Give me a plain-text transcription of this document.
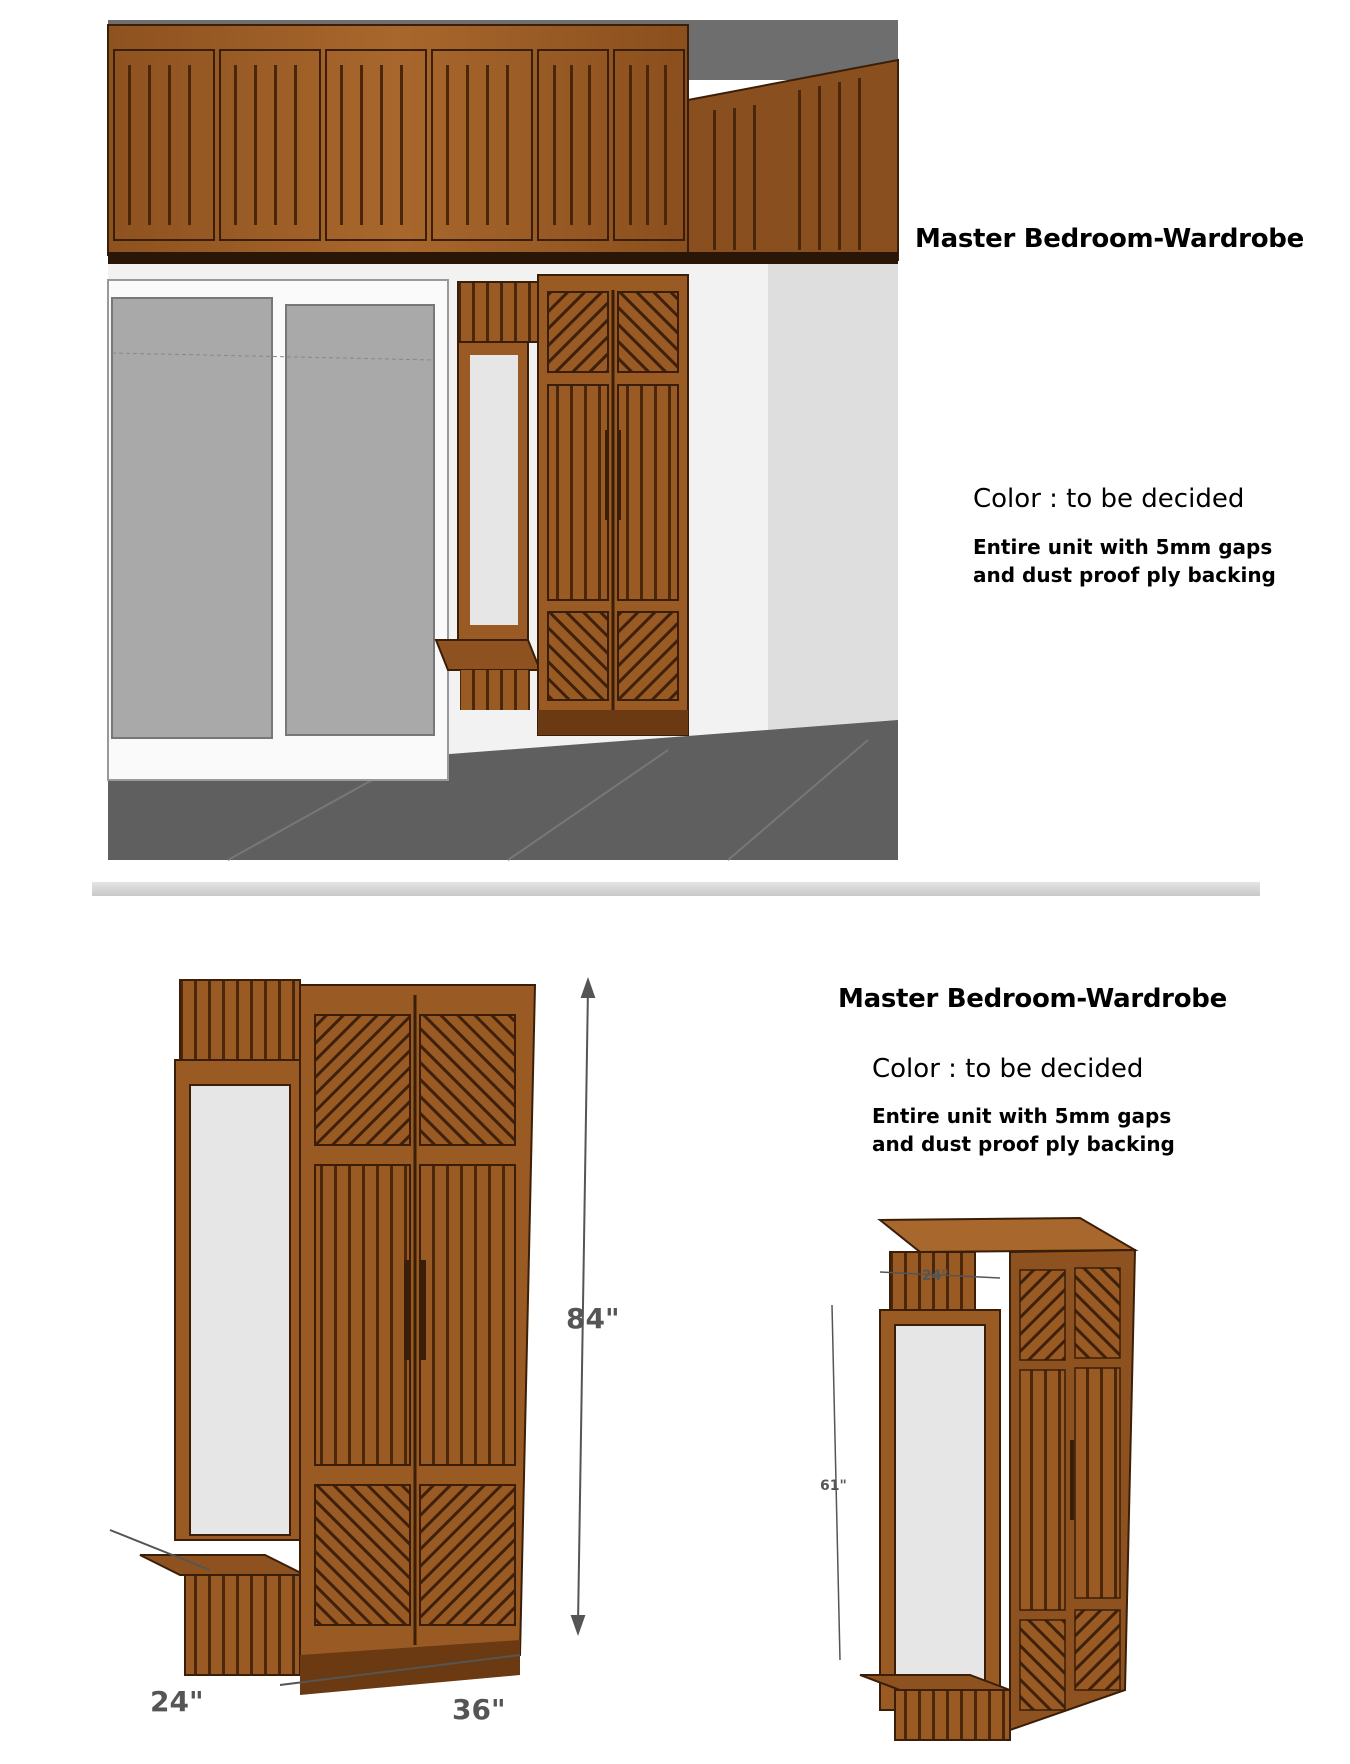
Master Bedroom-Wardrobe
Color : to be decided
Entire unit with 5mm gaps
and dust proof ply backing
84"
24"	36"
Master Bedroom-Wardrobe
Color : to be decided
Entire unit with 5mm gaps
and dust proof ply backing
61"
24"
